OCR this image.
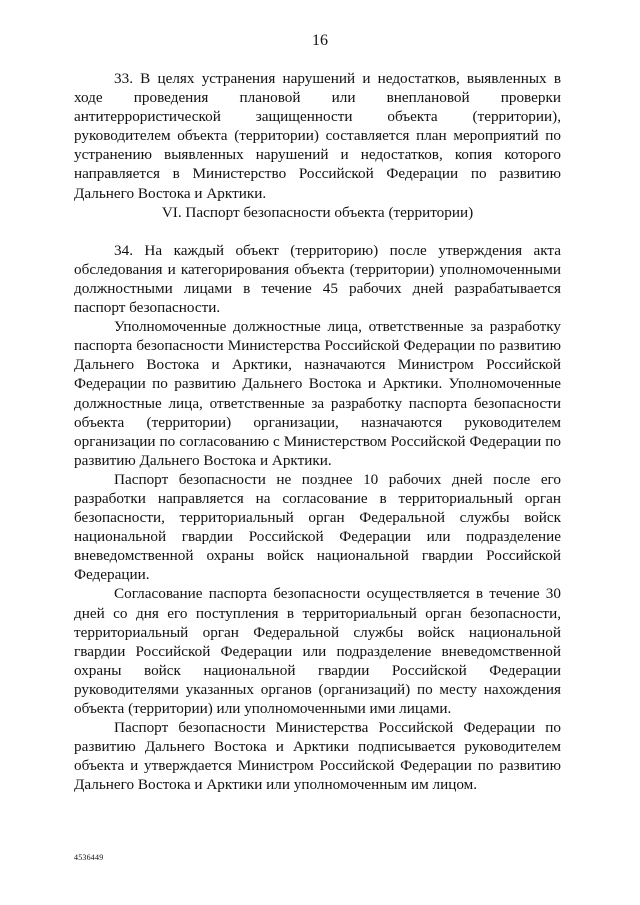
16

33. В целях устранения нарушений и недостатков, выявленных в ходе проведения плановой или внеплановой проверки антитеррористической защищенности объекта (территории), руководителем объекта (территории) составляется план мероприятий по устранению выявленных нарушений и недостатков, копия которого направляется в Министерство Российской Федерации по развитию Дальнего Востока и Арктики.

VI. Паспорт безопасности объекта (территории)

34. На каждый объект (территорию) после утверждения акта обследования и категорирования объекта (территории) уполномоченными должностными лицами в течение 45 рабочих дней разрабатывается паспорт безопасности.

Уполномоченные должностные лица, ответственные за разработку паспорта безопасности Министерства Российской Федерации по развитию Дальнего Востока и Арктики, назначаются Министром Российской Федерации по развитию Дальнего Востока и Арктики. Уполномоченные должностные лица, ответственные за разработку паспорта безопасности объекта (территории) организации, назначаются руководителем организации по согласованию с Министерством Российской Федерации по развитию Дальнего Востока и Арктики.

Паспорт безопасности не позднее 10 рабочих дней после его разработки направляется на согласование в территориальный орган безопасности, территориальный орган Федеральной службы войск национальной гвардии Российской Федерации или подразделение вневедомственной охраны войск национальной гвардии Российской Федерации.

Согласование паспорта безопасности осуществляется в течение 30 дней со дня его поступления в территориальный орган безопасности, территориальный орган Федеральной службы войск национальной гвардии Российской Федерации или подразделение вневедомственной охраны войск национальной гвардии Российской Федерации руководителями указанных органов (организаций) по месту нахождения объекта (территории) или уполномоченными ими лицами.

Паспорт безопасности Министерства Российской Федерации по развитию Дальнего Востока и Арктики подписывается руководителем объекта и утверждается Министром Российской Федерации по развитию Дальнего Востока и Арктики или уполномоченным им лицом.

4536449
